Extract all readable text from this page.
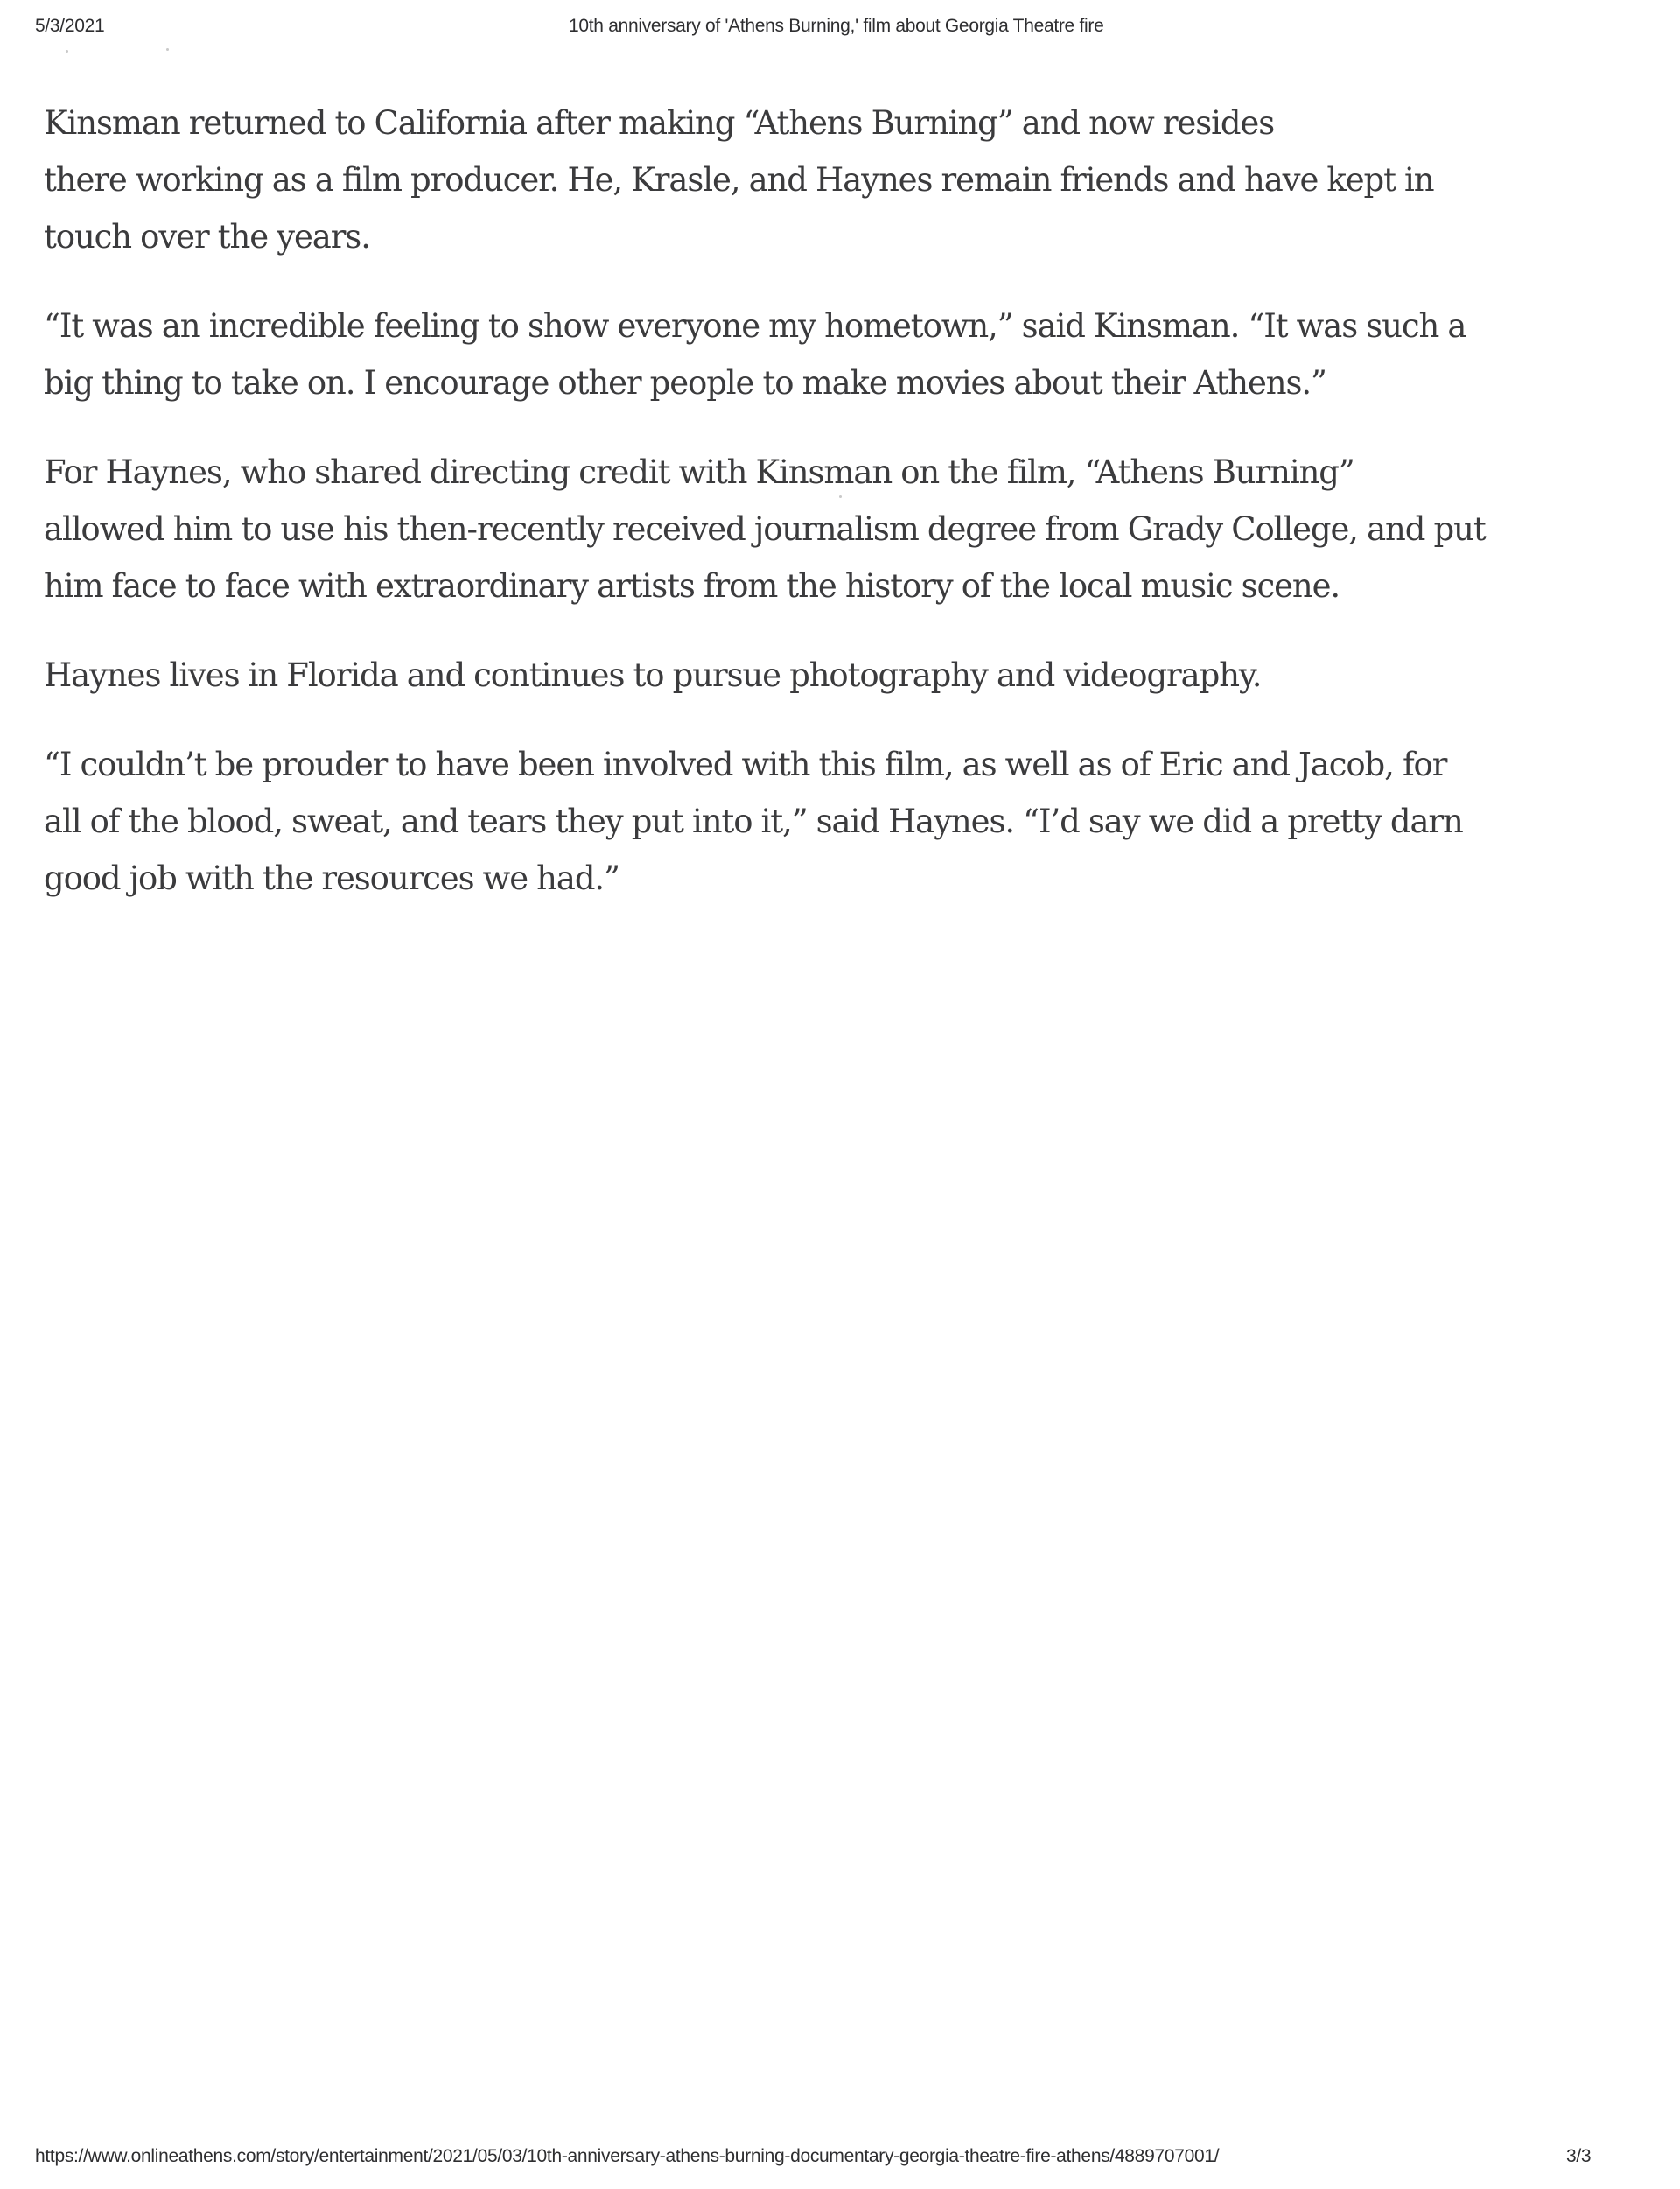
5/3/2021	10th anniversary of 'Athens Burning,' film about Georgia Theatre fire

Kinsman returned to California after making “Athens Burning” and now resides
there working as a film producer. He, Krasle, and Haynes remain friends and have kept in
touch over the years.

“It was an incredible feeling to show everyone my hometown,” said Kinsman. “It was such a
big thing to take on. I encourage other people to make movies about their Athens.”

For Haynes, who shared directing credit with Kinsman on the film, “Athens Burning”
allowed him to use his then-recently received journalism degree from Grady College, and put
him face to face with extraordinary artists from the history of the local music scene.

Haynes lives in Florida and continues to pursue photography and videography.

“I couldn’t be prouder to have been involved with this film, as well as of Eric and Jacob, for
all of the blood, sweat, and tears they put into it,” said Haynes. “I’d say we did a pretty darn
good job with the resources we had.”

https://www.onlineathens.com/story/entertainment/2021/05/03/10th-anniversary-athens-burning-documentary-georgia-theatre-fire-athens/4889707001/	3/3
